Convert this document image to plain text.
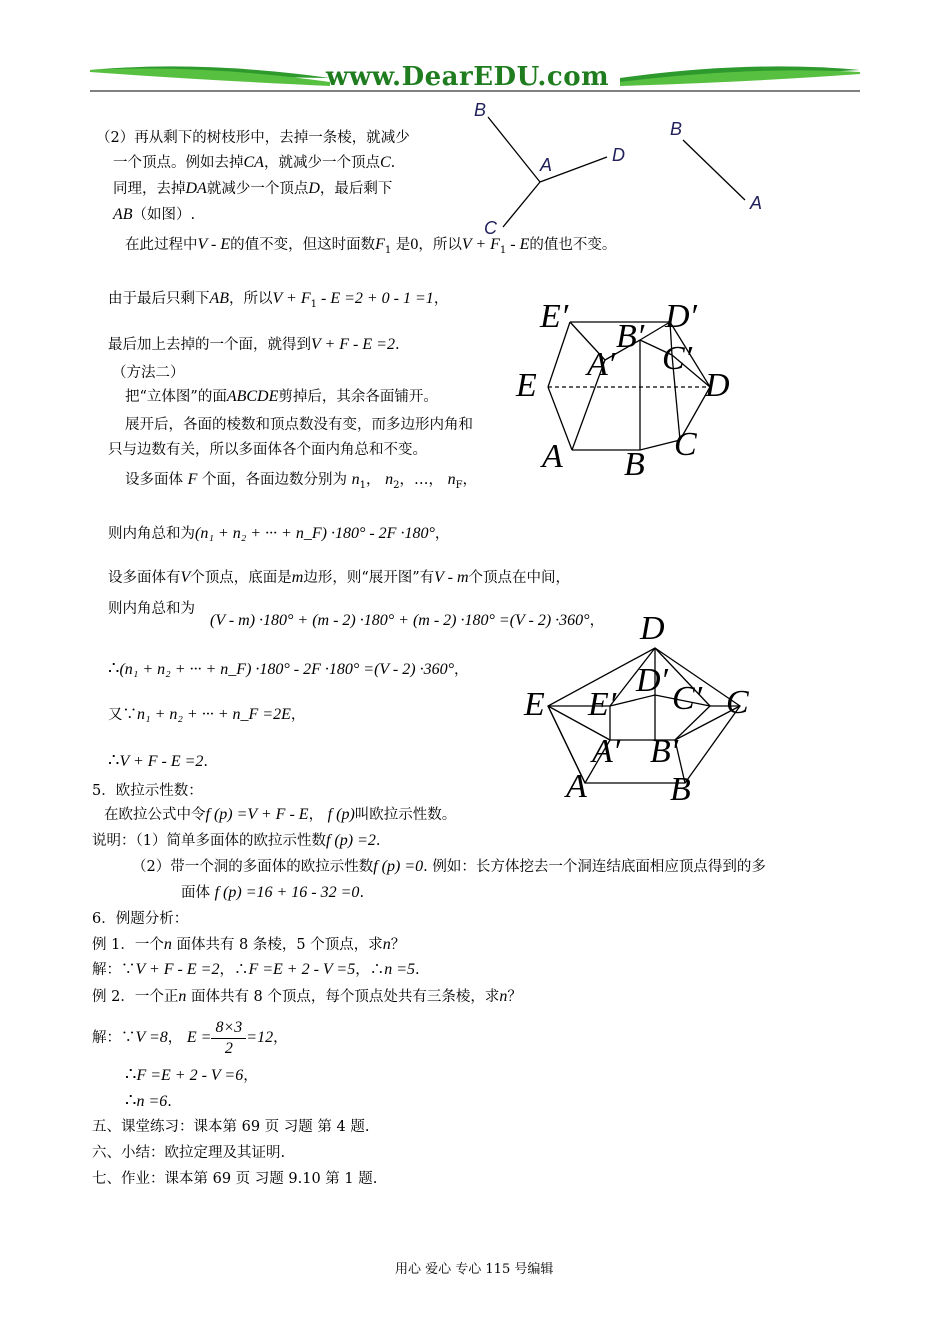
www.DearEDU.com
B
A	D
C
B
A
E′	D′
B′
C′
A′
E	D
A B
C
D
D′
E E′ C′ C
A′ B′
A B
（2）再从剩下的树枝形中，去掉一条棱，就减少
一个顶点。例如去掉CA，就减少一个顶点C.
同理，去掉DA就减少一个顶点D，最后剩下
AB（如图）.
在此过程中V - E的值不变，但这时面数$F_1$ 是0，所以$V + F_1 - E$的值也不变。
由于最后只剩下AB，所以$V + F_1 - E =2 + 0 - 1 =1$，
最后加上去掉的一个面，就得到V + F - E =2.
（方法二）
把“立体图”的面ABCDE剪掉后，其余各面铺开。
展开后，各面的棱数和顶点数没有变，而多边形内角和
只与边数有关，所以多面体各个面内角总和不变。
设多面体 F 个面，各面边数分别为 $n_1$， $n_2$，…， $n_F$，
则内角总和为(n₁ + n₂ + ··· + n_F) ·180° - 2F ·180°，
设多面体有V个顶点，底面是m边形，则“展开图”有V - m个顶点在中间，
则内角总和为
(V - m) ·180° + (m - 2) ·180° + (m - 2) ·180° =(V - 2) ·360°，
∴(n₁ + n₂ + ··· + n_F) ·180° - 2F ·180° =(V - 2) ·360°，
又∵n₁ + n₂ + ··· + n_F =2E，
∴V + F - E =2.
5．欧拉示性数：
在欧拉公式中令f (p) =V + F - E， f (p)叫欧拉示性数。
说明：（1）简单多面体的欧拉示性数f (p) =2.
（2）带一个洞的多面体的欧拉示性数f (p) =0. 例如：长方体挖去一个洞连结底面相应顶点得到的多
面体 f (p) =16 + 16 - 32 =0.
6．例题分析：
例 1．一个n 面体共有 8 条棱，5 个顶点，求n？
解：∵V + F - E =2，∴F =E + 2 - V =5，∴n =5.
例 2．一个正n 面体共有 8 个顶点，每个顶点处共有三条棱，求n？
解：∵ V =8 ，
$E = \frac{8\times 3}{2} =12$ ，
∴F =E + 2 - V =6，
∴n =6.
五、课堂练习：课本第 69 页 习题 第 4 题.
六、小结：欧拉定理及其证明.
七、作业：课本第 69 页 习题 9.10 第 1 题.
用心 爱心 专心 115 号编辑
